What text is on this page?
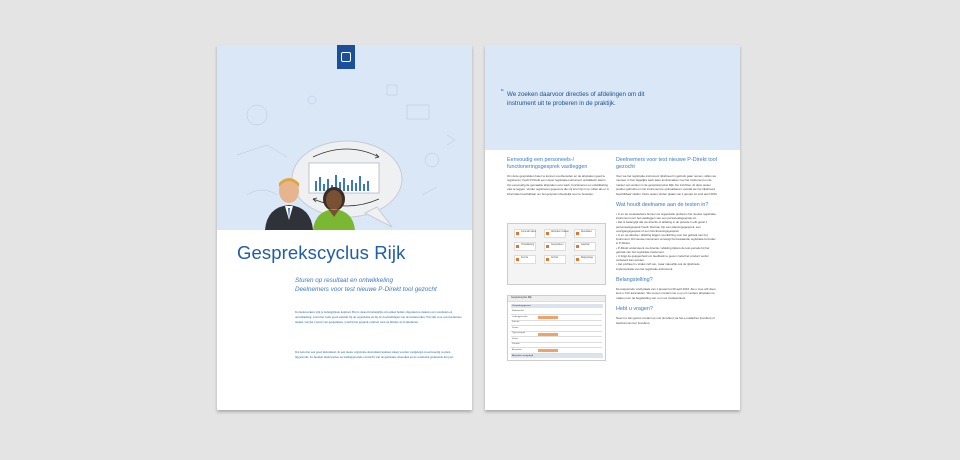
Gesprekscyclus Rijk
Sturen op resultaat en ontwikkeling
Deelnemers voor test nieuwe P-Direkt tool gezocht
In medewerkers zijn je belangrijkste kapitaal. Het is daarom belangrijk om samen helder afspraken te maken over resultaten en ontwikkeling, zodat het werk goed aansluit bij de organisatie en bij de doelstellingen van de medewerker. Wij zijn voor een modernere manier van het voeren van gesprekken, waarbij het gesprek centraal staat en minder de formulieren.
Dat kan met een goed instrument. In een nieuw registratie-instrument kunnen zaken worden vastgelegd en eenvoudig worden bijgewerkt. Zo houden medewerker en leidinggevende overzicht van de gemaakte afspraken en de resultaten gedurende het jaar.
“ We zoeken daarvoor directies of afdelingen om dit instrument uit te proberen in de praktijk.
Eenvoudig een personeels-/ functioneringsgesprek vastleggen
Om deze gesprekken beter te kunnen voorbereiden en de afspraken goed te registreren, heeft P-Direkt een nieuw registratie-instrument ontwikkeld. Hierin zijn eenvoudig de gemaakte afspraken over werk, functioneren en ontwikkeling vast te leggen. Verder registreren gegevens die vrij snel zijn in te vullen als er is informatie beschikbaar om het gesprek inhoudelijk voor te bereiden.
Lopende taken	Afspraken maken	Resultaten
Ontwikkeling	Gesprekken	Jaarplan
Kennis	Archief	Rapportage
Gesprekscyclus Rijk
Gespreksgegevens
Medewerker
Leidinggevende
Functie
Datum
Type gesprek
Status
Periode
Afspraken
Afspraken vastgelegd
Deelnemers voor test nieuwe P-Direkt tool gezocht
Voor we het registratie-instrument rijksbreed in gebruik gaan nemen, willen we mensen in hun dagelijks werk laten kennismaken met het instrument en de manier van werken in de gesprekscyclus Rijk. De inzichten uit deze testen worden gebruikt om het instrument te optimaliseren voordat we het rijksbreed beschikbaar stellen. Deze testen vinden plaats van 1 januari tot eind april 2016.
Wat houdt deelname aan de testen in?
• U en de medewerkers binnen uw organisatie proberen het nieuwe registratie-instrument voor het vastleggen van een personeelsgesprek uit.
• Het is belangrijk dat uw directie of afdeling in de periode in elk geval 1 personeelsgesprek houdt. Dat kan zijn een planningsgesprek, een voortgangsgesprek of een functioneringsgesprek.
• U en uw directie / afdeling krijgen voorlichting over het gebruik van het instrument. Dit nieuwe instrument vervangt het bestaande registratie-formulier in P-Direkt.
• P-Direkt ondersteunt uw directie / afdeling tijdens de test-periode bij het gebruik van het registratie-instrument.
• U krijgt de gelegenheid om feedback te geven zodat het product verder verbeterd kan worden.
• Het profiteert u straks zelf van, maar natuurlijk ook de rijksbrede implementatie van het registratie-instrument.
Belangstelling?
De testperiode vindt plaats van 1 januari tot 30 april 2016. Als u mee wilt doen, kunt u zich aanmelden. We nemen contact met u op om verdere afspraken te maken over de begeleiding van u en uw medewerkers.
Hebt u vragen?
Neemt u dan gerust contact op met (invullen) via het e-mailadres (invullen) of telefoonnummer (invullen).
